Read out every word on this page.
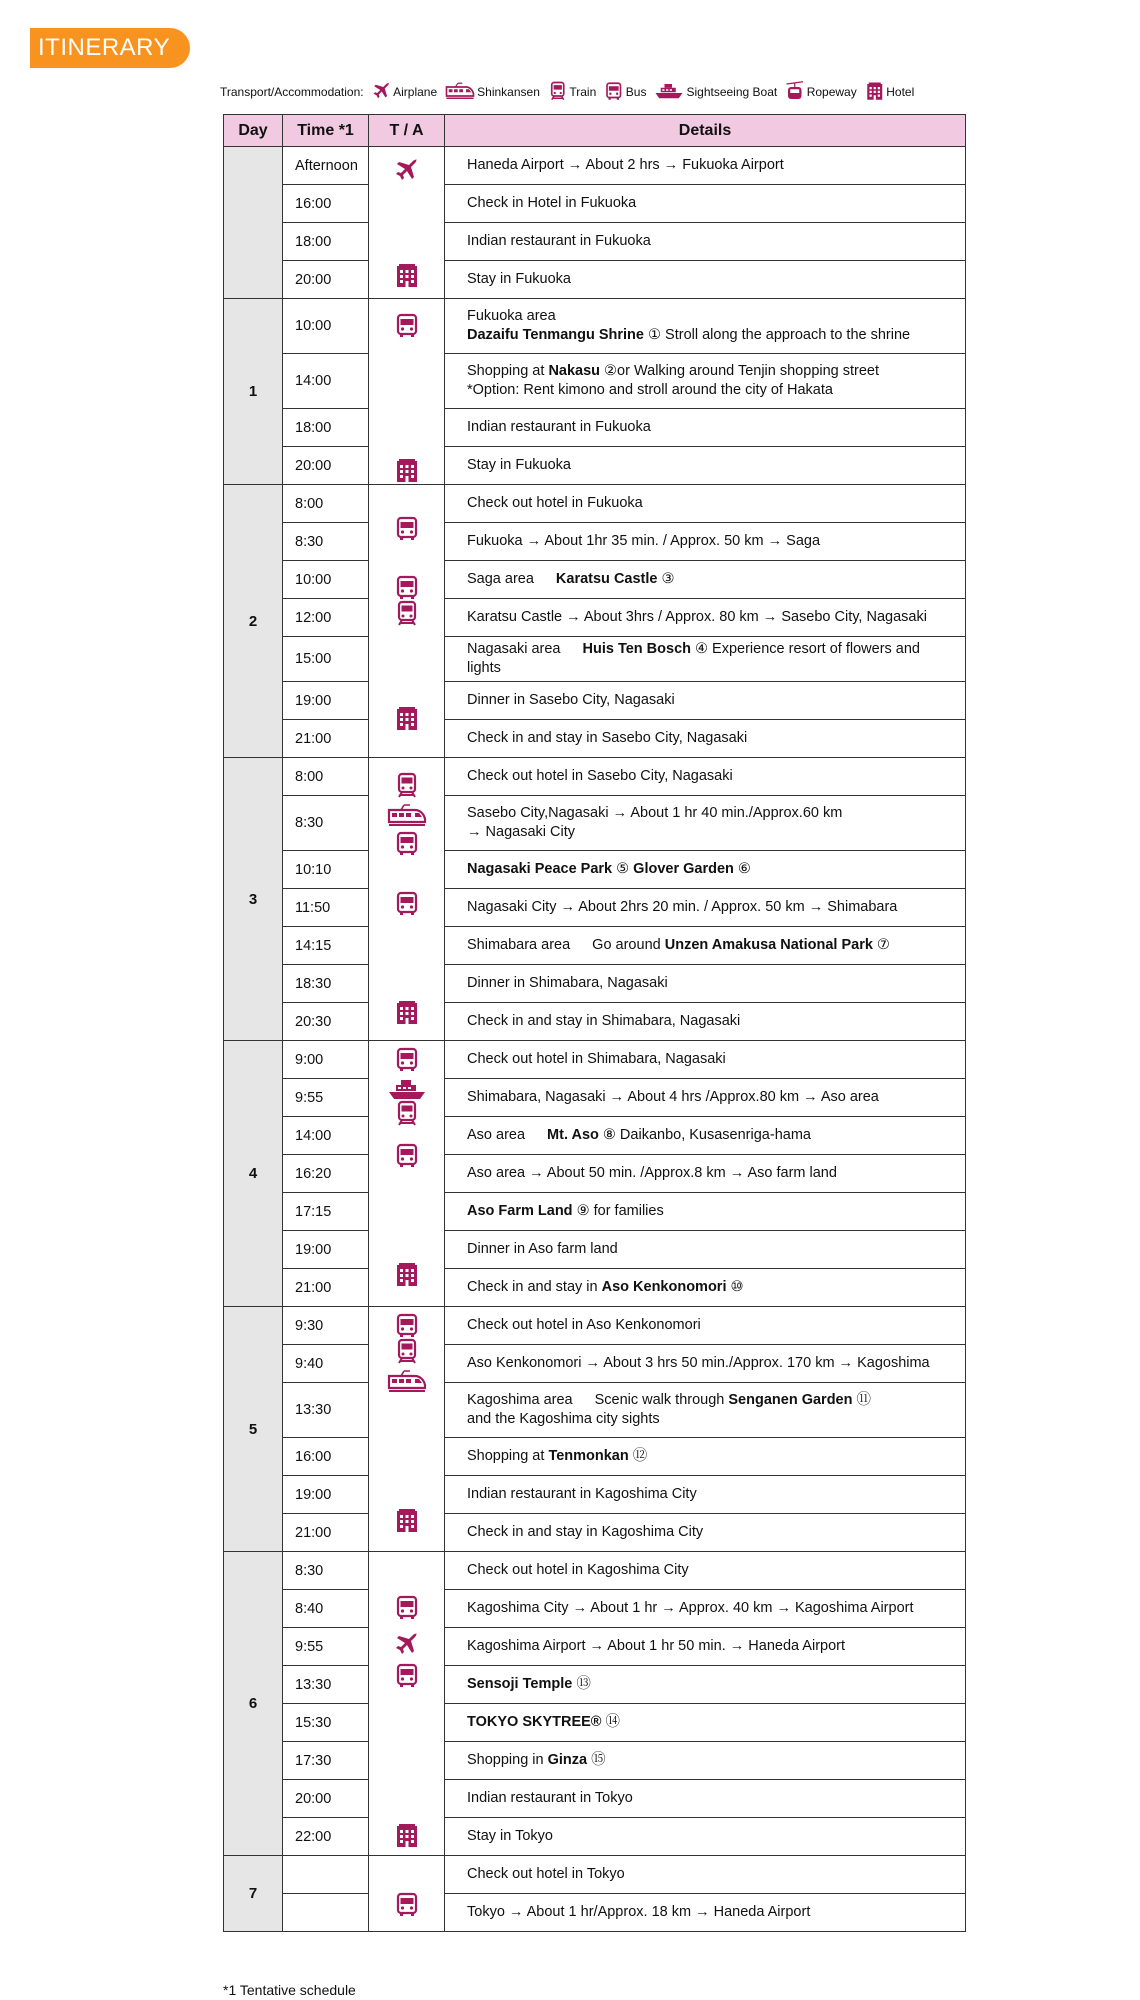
ITINERARY
Transport/Accommodation: Airplane	Shinkansen Train Bus	Sightseeing Boat Ropeway Hotel
Day	Time *1	T / A	Details
	Afternoon		Haneda Airport → About 2 hrs → Fukuoka Airport

	16:00		Check in Hotel in Fukuoka

	18:00		Indian restaurant in Fukuoka

	20:00		Stay in Fukuoka

1	10:00		Fukuoka area
Dazaifu Tenmangu Shrine ① Stroll along the approach to the shrine

	14:00		Shopping at Nakasu ②or Walking around Tenjin shopping street
*Option: Rent kimono and stroll around the city of Hakata

	18:00		Indian restaurant in Fukuoka

	20:00		Stay in Fukuoka

2	8:00		Check out hotel in Fukuoka

	8:30		Fukuoka → About 1hr 35 min. / Approx. 50 km → Saga

	10:00		Saga area Karatsu Castle ③

	12:00		Karatsu Castle → About 3hrs / Approx. 80 km → Sasebo City, Nagasaki

	15:00		Nagasaki area Huis Ten Bosch ④ Experience resort of flowers and lights

	19:00		Dinner in Sasebo City, Nagasaki

	21:00		Check in and stay in Sasebo City, Nagasaki

3	8:00		Check out hotel in Sasebo City, Nagasaki

	8:30		Sasebo City,Nagasaki → About 1 hr 40 min./Approx.60 km
→ Nagasaki City

	10:10		Nagasaki Peace Park ⑤ Glover Garden ⑥

	11:50		Nagasaki City → About 2hrs 20 min. / Approx. 50 km → Shimabara

	14:15		Shimabara area Go around Unzen Amakusa National Park ⑦

	18:30		Dinner in Shimabara, Nagasaki

	20:30		Check in and stay in Shimabara, Nagasaki

4	9:00		Check out hotel in Shimabara, Nagasaki

	9:55		Shimabara, Nagasaki → About 4 hrs /Approx.80 km → Aso area

	14:00		Aso area Mt. Aso ⑧ Daikanbo, Kusasenriga-hama

	16:20		Aso area → About 50 min. /Approx.8 km → Aso farm land

	17:15		Aso Farm Land ⑨ for families

	19:00		Dinner in Aso farm land

	21:00		Check in and stay in Aso Kenkonomori ⑩

5	9:30		Check out hotel in Aso Kenkonomori

	9:40		Aso Kenkonomori → About 3 hrs 50 min./Approx. 170 km → Kagoshima

	13:30		Kagoshima area Scenic walk through Senganen Garden ⑪
and the Kagoshima city sights

	16:00		Shopping at Tenmonkan ⑫

	19:00		Indian restaurant in Kagoshima City

	21:00		Check in and stay in Kagoshima City

6	8:30		Check out hotel in Kagoshima City

	8:40		Kagoshima City → About 1 hr → Approx. 40 km → Kagoshima Airport

	9:55		Kagoshima Airport → About 1 hr 50 min. → Haneda Airport

	13:30		Sensoji Temple ⑬

	15:30		TOKYO SKYTREE® ⑭

	17:30		Shopping in Ginza ⑮

	20:00		Indian restaurant in Tokyo

	22:00		Stay in Tokyo

7			Check out hotel in Tokyo

			Tokyo → About 1 hr/Approx. 18 km → Haneda Airport
*1 Tentative schedule
